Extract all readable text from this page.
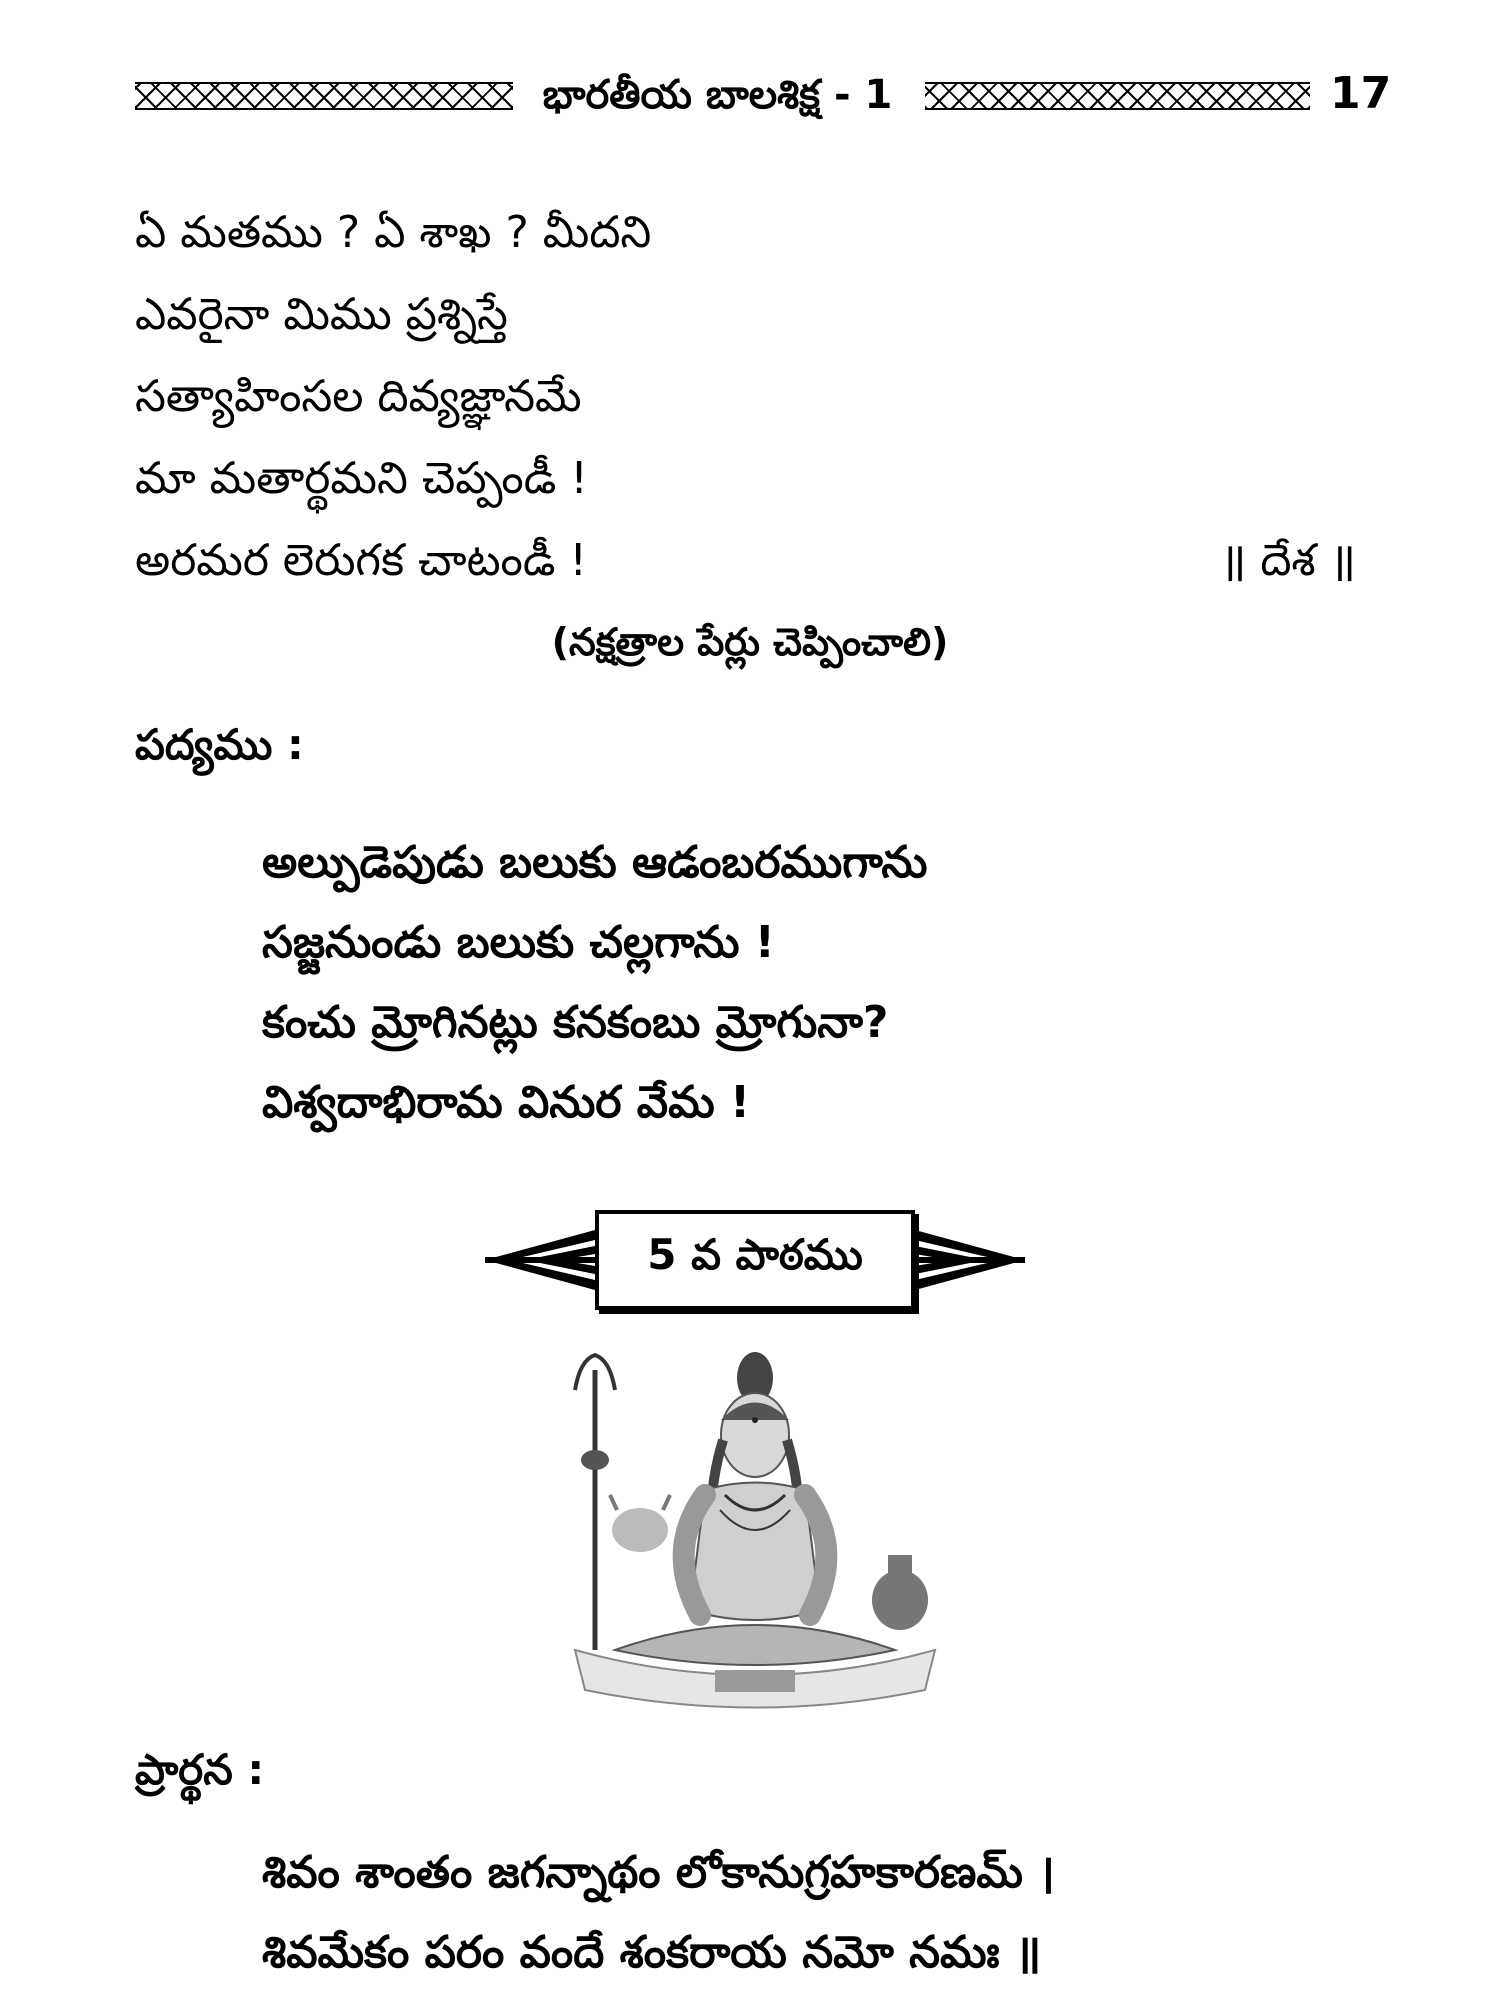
భారతీయ బాలశిక్ష - 1	17
ఏ మతము ? ఏ శాఖ ? మీదని
ఎవరైనా మిము ప్రశ్నిస్తే
సత్యాహింసల దివ్యజ్ఞానమే
మా మతార్థమని చెప్పండీ !
అరమర లెరుగక చాటండీ !	॥ దేశ ॥
(నక్షత్రాల పేర్లు చెప్పించాలి)
పద్యము :
అల్పుడెపుడు బలుకు ఆడంబరముగాను
సజ్జనుండు బలుకు చల్లగాను !
కంచు మ్రోగినట్లు కనకంబు మ్రోగునా?
విశ్వదాభిరామ వినుర వేమ !
5 వ పాఠము
ప్రార్థన :
శివం శాంతం జగన్నాథం లోకానుగ్రహకారణమ్ ।
శివమేకం పరం వందే శంకరాయ నమో నమః ॥
